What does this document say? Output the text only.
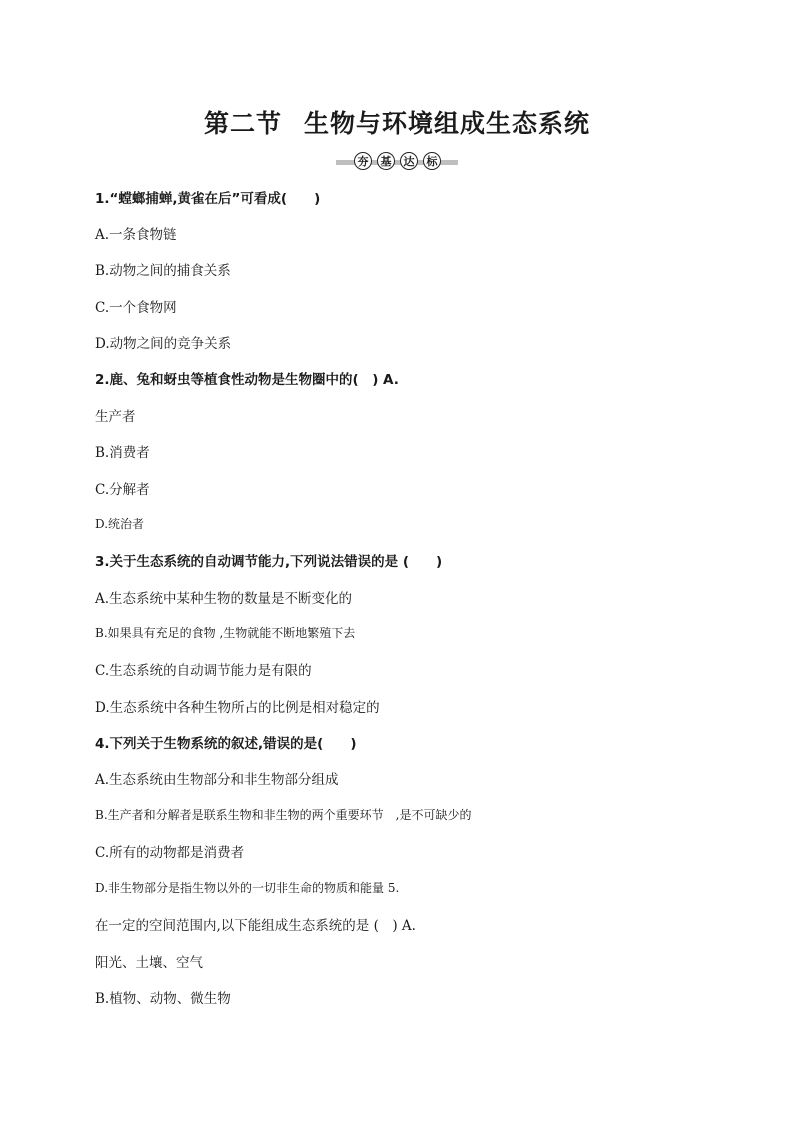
第二节 生物与环境组成生态系统
夯	基	达	标
1.“螳螂捕蝉,黄雀在后”可看成(　　)
A.一条食物链
B.动物之间的捕食关系
C.一个食物网
D.动物之间的竞争关系
2.鹿、兔和蚜虫等植食性动物是生物圈中的(　) A.
生产者
B.消费者
C.分解者
D.统治者
3.关于生态系统的自动调节能力,下列说法错误的是 (　　)
A.生态系统中某种生物的数量是不断变化的
B.如果具有充足的食物 ,生物就能不断地繁殖下去
C.生态系统的自动调节能力是有限的
D.生态系统中各种生物所占的比例是相对稳定的
4.下列关于生物系统的叙述,错误的是(　　)
A.生态系统由生物部分和非生物部分组成
B.生产者和分解者是联系生物和非生物的两个重要环节　,是不可缺少的
C.所有的动物都是消费者
D.非生物部分是指生物以外的一切非生命的物质和能量 5.
在一定的空间范围内,以下能组成生态系统的是 (　) A.
阳光、土壤、空气
B.植物、动物、微生物
